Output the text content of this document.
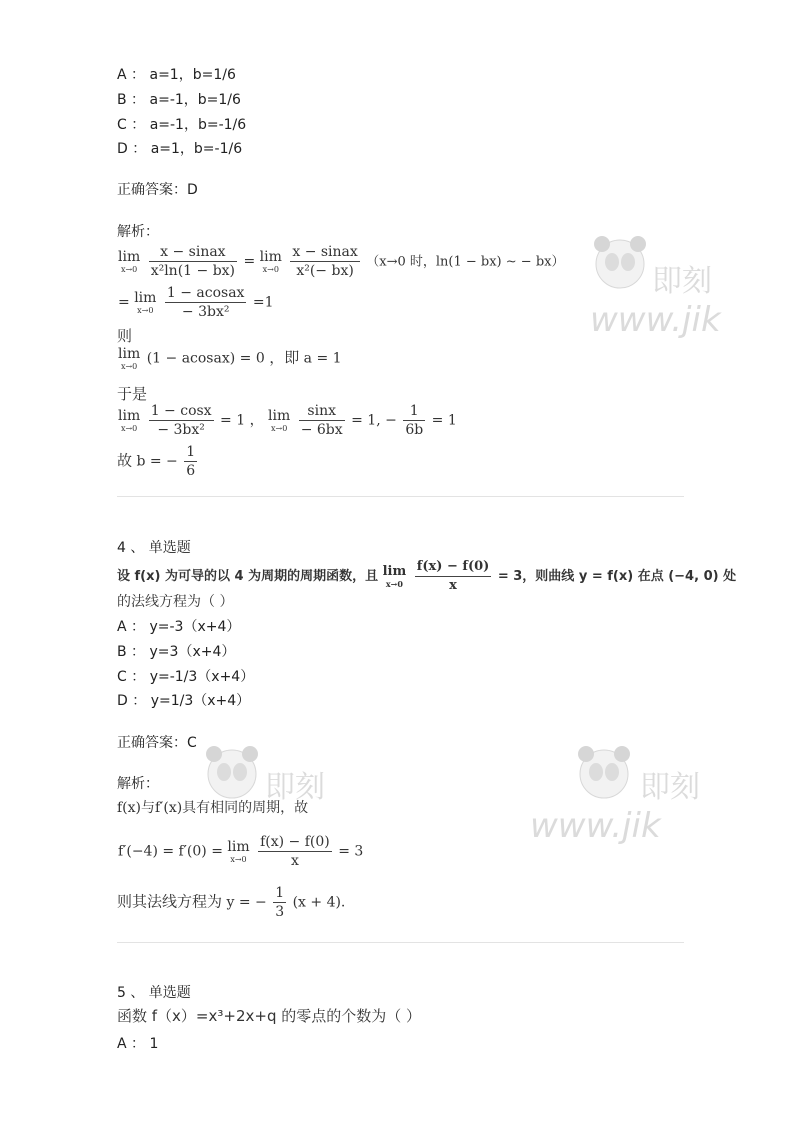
即刻
www.jik
即刻	即刻
www.jik
A ： a=1，b=1/6
B ： a=-1，b=1/6
C ： a=-1，b=-1/6
D ： a=1，b=-1/6
正确答案：D
解析：
lim
x→0
$\frac{\text{x − sinax}}{\text{x²ln(1 − bx)}} = \lim$
x→0
$\frac{\text{x − sinax}}{\text{x²(− bx)}} (x\to 0$ 时，ln(1 − bx) ∼ − bx）
= lim
x→0
$\frac{\text{1 − acosax}}{\text{− 3bx²}} =1$
则
lim
x→0 (1 − acosax) = 0 ，即 a = 1
于是
lim
x→0
$\frac{1 - \cos x}{\text{− 3bx²}} = 1$ ， lim
x→0
$\frac{\sin x}{- 6bx} = 1$, − $\frac{1}{6b} = 1$
故 b = − $\frac{1}{6}$
4 、 单选题
设 f(x) 为可导的以 4 为周期的周期函数，且 lim
x→0
$\frac{f(x) - f(0)}{x} = 3$，则曲线 y = f(x) 在点 (−4, 0) 处
的法线方程为（ ）
A ： y=-3（x+4）
B ： y=3（x+4）
C ： y=-1/3（x+4）
D ： y=1/3（x+4）
正确答案：C
解析：
f(x)与f′(x)具有相同的周期，故
f′(−4) = f′(0) = lim
x→0
$\frac{f(x) - f(0)}{x} = 3$
则其法线方程为 y = − $\frac{1}{3} (x + 4)$.
5 、 单选题
函数 f（x）=x³+2x+q 的零点的个数为（ ）
A ： 1
